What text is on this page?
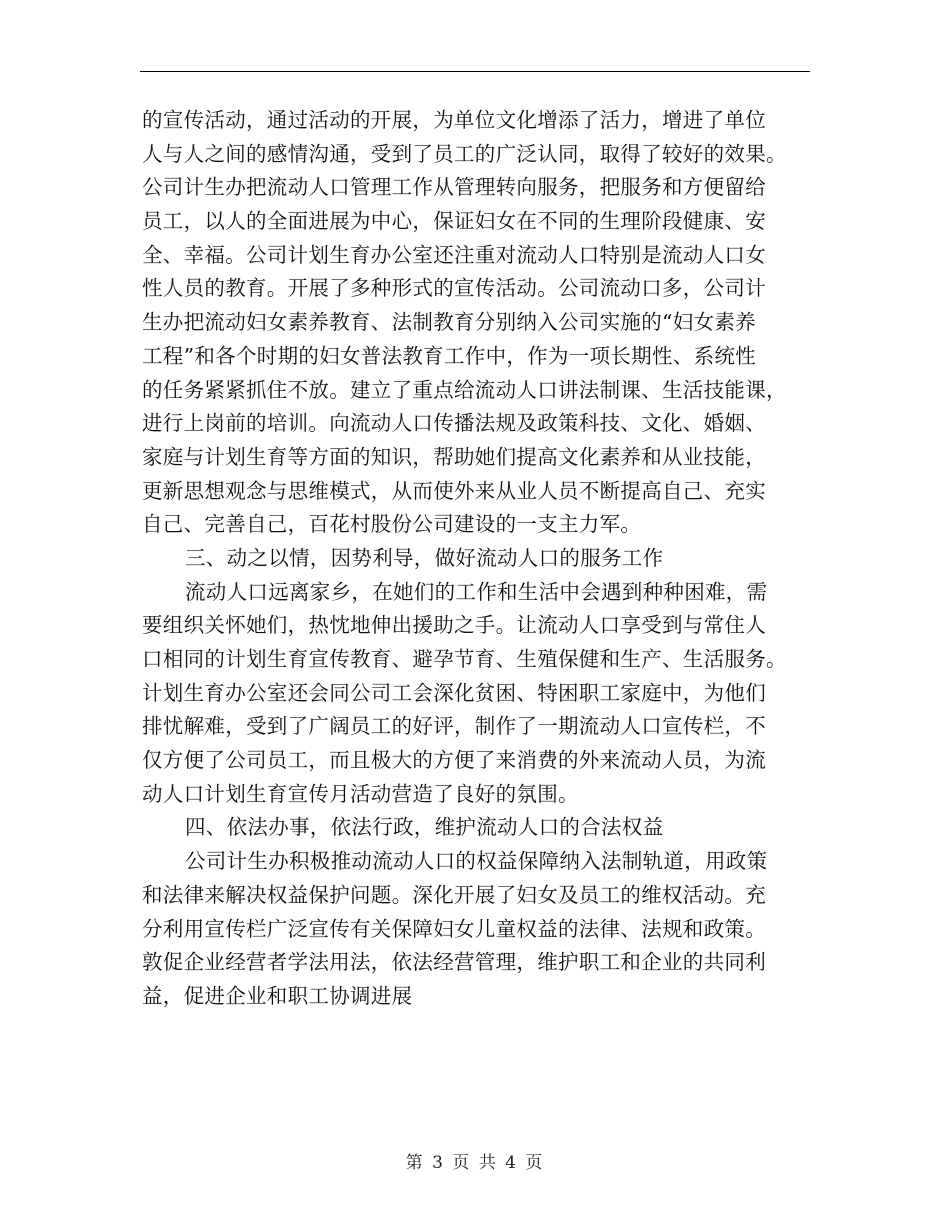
的宣传活动，通过活动的开展，为单位文化增添了活力，增进了单位
人与人之间的感情沟通，受到了员工的广泛认同，取得了较好的效果。
公司计生办把流动人口管理工作从管理转向服务，把服务和方便留给
员工，以人的全面进展为中心，保证妇女在不同的生理阶段健康、安
全、幸福。公司计划生育办公室还注重对流动人口特别是流动人口女
性人员的教育。开展了多种形式的宣传活动。公司流动口多，公司计
生办把流动妇女素养教育、法制教育分别纳入公司实施的“妇女素养
工程”和各个时期的妇女普法教育工作中，作为一项长期性、系统性
的任务紧紧抓住不放。建立了重点给流动人口讲法制课、生活技能课，
进行上岗前的培训。向流动人口传播法规及政策科技、文化、婚姻、
家庭与计划生育等方面的知识，帮助她们提高文化素养和从业技能，
更新思想观念与思维模式，从而使外来从业人员不断提高自己、充实
自己、完善自己，百花村股份公司建设的一支主力军。
三、动之以情，因势利导，做好流动人口的服务工作
流动人口远离家乡，在她们的工作和生活中会遇到种种困难，需
要组织关怀她们，热忱地伸出援助之手。让流动人口享受到与常住人
口相同的计划生育宣传教育、避孕节育、生殖保健和生产、生活服务。
计划生育办公室还会同公司工会深化贫困、特困职工家庭中，为他们
排忧解难，受到了广阔员工的好评，制作了一期流动人口宣传栏，不
仅方便了公司员工，而且极大的方便了来消费的外来流动人员，为流
动人口计划生育宣传月活动营造了良好的氛围。
四、依法办事，依法行政，维护流动人口的合法权益
公司计生办积极推动流动人口的权益保障纳入法制轨道，用政策
和法律来解决权益保护问题。深化开展了妇女及员工的维权活动。充
分利用宣传栏广泛宣传有关保障妇女儿童权益的法律、法规和政策。
敦促企业经营者学法用法，依法经营管理，维护职工和企业的共同利
益，促进企业和职工协调进展
第 3 页 共 4 页
